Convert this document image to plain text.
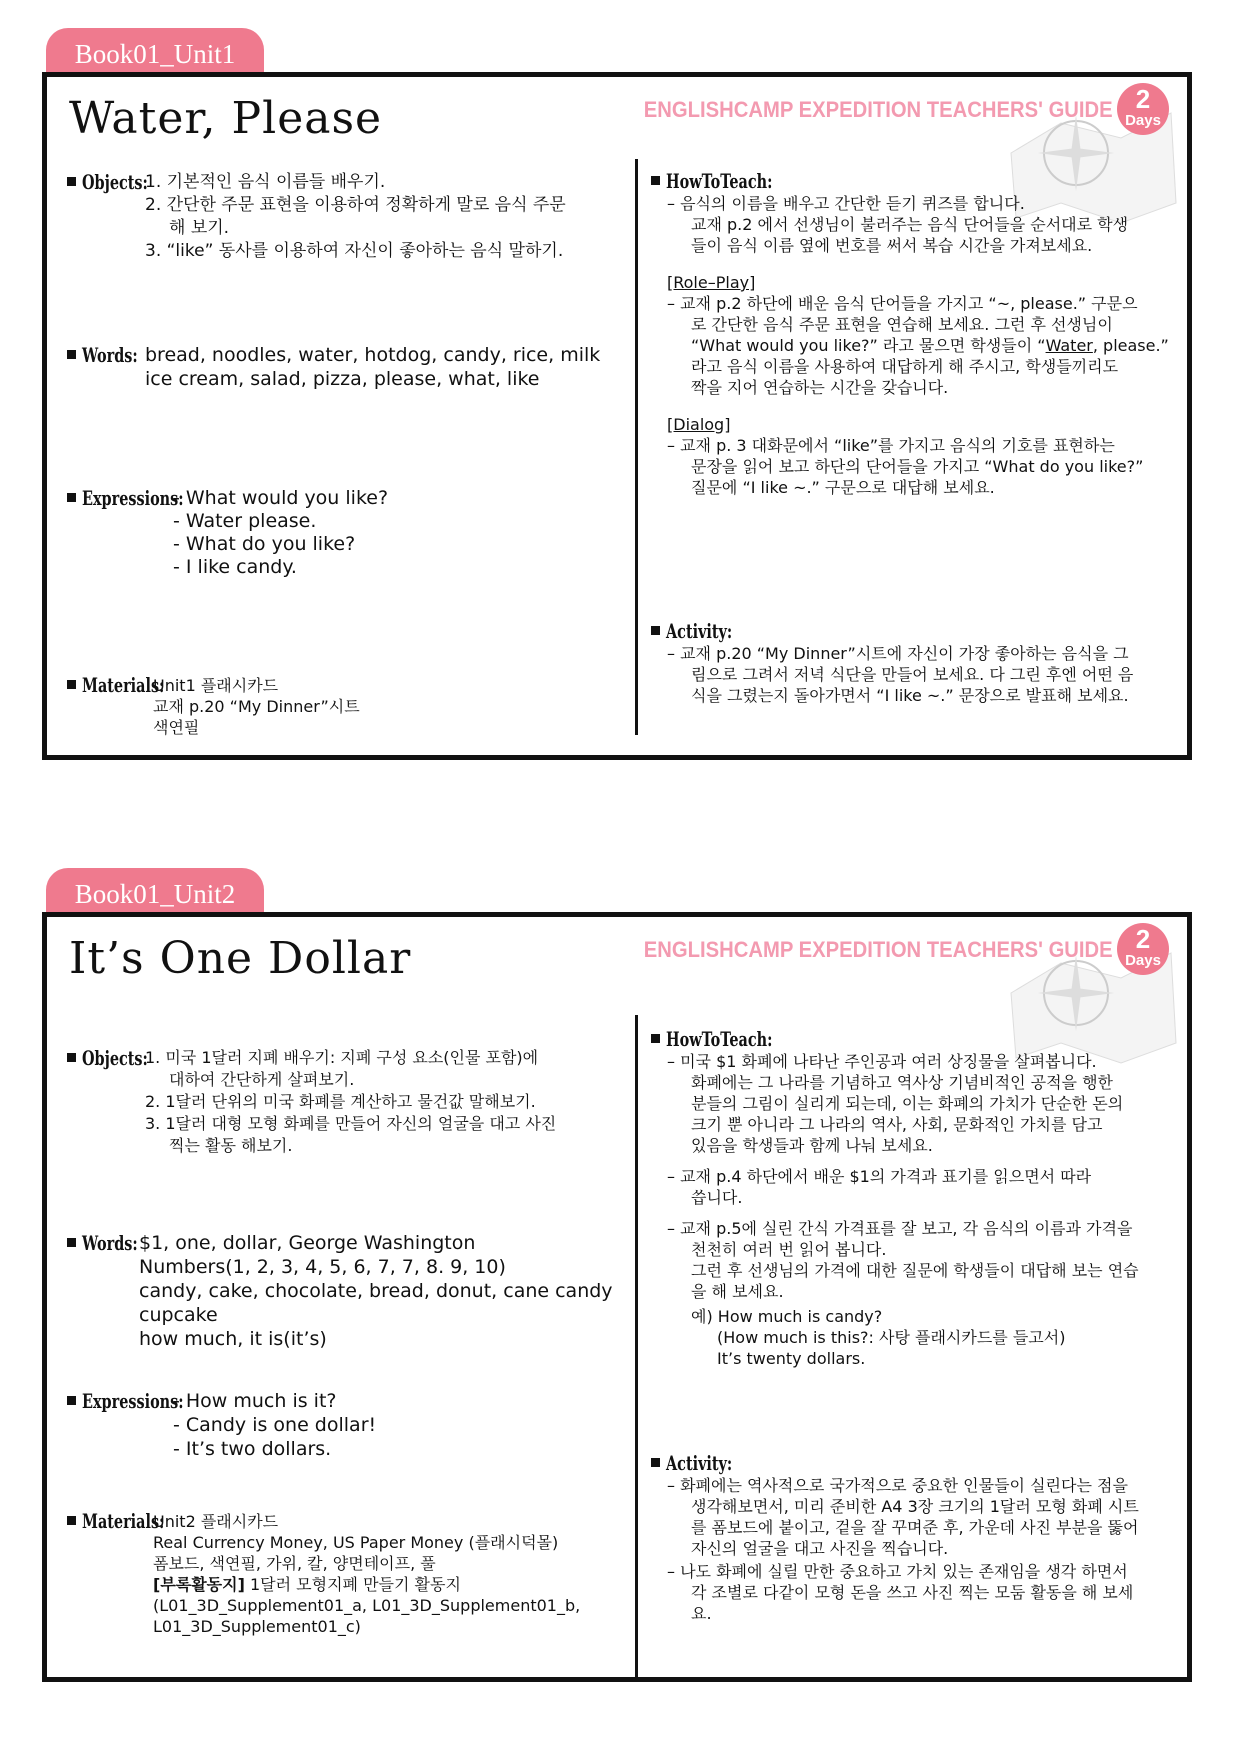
Book01_Unit1
Water, Please	ENGLISHCAMP EXPEDITION TEACHERS' GUIDE 2
Days
Objects:
1. 기본적인 음식 이름들 배우기.
2. 간단한 주문 표현을 이용하여 정확하게 말로 음식 주문
해 보기.
3. “like” 동사를 이용하여 자신이 좋아하는 음식 말하기.
Words: bread, noodles, water, hotdog, candy, rice, milk
ice cream, salad, pizza, please, what, like
Expressions:
- What would you like?
- Water please.
- What do you like?
- I like candy.
Materials:
Unit1 플래시카드
교재 p.20 “My Dinner”시트
색연필
HowToTeach:
– 음식의 이름을 배우고 간단한 듣기 퀴즈를 합니다.
교재 p.2 에서 선생님이 불러주는 음식 단어들을 순서대로 학생
들이 음식 이름 옆에 번호를 써서 복습 시간을 가져보세요.
[Role–Play]
– 교재 p.2 하단에 배운 음식 단어들을 가지고 “~, please.” 구문으
로 간단한 음식 주문 표현을 연습해 보세요. 그런 후 선생님이
“What would you like?” 라고 물으면 학생들이 “Water, please.”
라고 음식 이름을 사용하여 대답하게 해 주시고, 학생들끼리도
짝을 지어 연습하는 시간을 갖습니다.
[Dialog]
– 교재 p. 3 대화문에서 “like”를 가지고 음식의 기호를 표현하는
문장을 읽어 보고 하단의 단어들을 가지고 “What do you like?”
질문에 “I like ~.” 구문으로 대답해 보세요.
Activity:
– 교재 p.20 “My Dinner”시트에 자신이 가장 좋아하는 음식을 그
림으로 그려서 저녁 식단을 만들어 보세요. 다 그린 후엔 어떤 음
식을 그렸는지 돌아가면서 “I like ~.” 문장으로 발표해 보세요.
Book01_Unit2
It’s One Dollar	ENGLISHCAMP EXPEDITION TEACHERS' GUIDE 2
Days
Objects:
1. 미국 1달러 지폐 배우기: 지폐 구성 요소(인물 포함)에
대하여 간단하게 살펴보기.
2. 1달러 단위의 미국 화폐를 계산하고 물건값 말해보기.
3. 1달러 대형 모형 화폐를 만들어 자신의 얼굴을 대고 사진
찍는 활동 해보기.
Words: $1, one, dollar, George Washington
Numbers(1, 2, 3, 4, 5, 6, 7, 7, 8. 9, 10)
candy, cake, chocolate, bread, donut, cane candy
cupcake
how much, it is(it’s)
Expressions:
- How much is it?
- Candy is one dollar!
- It’s two dollars.
Materials:
Unit2 플래시카드
Real Currency Money, US Paper Money (플래시덕몰)
폼보드, 색연필, 가위, 칼, 양면테이프, 풀
[부록활동지] 1달러 모형지폐 만들기 활동지
(L01_3D_Supplement01_a, L01_3D_Supplement01_b,
L01_3D_Supplement01_c)
HowToTeach:
– 미국 $1 화폐에 나타난 주인공과 여러 상징물을 살펴봅니다.
화폐에는 그 나라를 기념하고 역사상 기념비적인 공적을 행한
분들의 그림이 실리게 되는데, 이는 화폐의 가치가 단순한 돈의
크기 뿐 아니라 그 나라의 역사, 사회, 문화적인 가치를 담고
있음을 학생들과 함께 나눠 보세요.
– 교재 p.4 하단에서 배운 $1의 가격과 표기를 읽으면서 따라
씁니다.
– 교재 p.5에 실린 간식 가격표를 잘 보고, 각 음식의 이름과 가격을
천천히 여러 번 읽어 봅니다.
그런 후 선생님의 가격에 대한 질문에 학생들이 대답해 보는 연습
을 해 보세요.
예) How much is candy?
(How much is this?: 사탕 플래시카드를 들고서)
It’s twenty dollars.
Activity:
– 화폐에는 역사적으로 국가적으로 중요한 인물들이 실린다는 점을
생각해보면서, 미리 준비한 A4 3장 크기의 1달러 모형 화폐 시트
를 폼보드에 붙이고, 겉을 잘 꾸며준 후, 가운데 사진 부분을 뚫어
자신의 얼굴을 대고 사진을 찍습니다.
– 나도 화폐에 실릴 만한 중요하고 가치 있는 존재임을 생각 하면서
각 조별로 다같이 모형 돈을 쓰고 사진 찍는 모둠 활동을 해 보세
요.
